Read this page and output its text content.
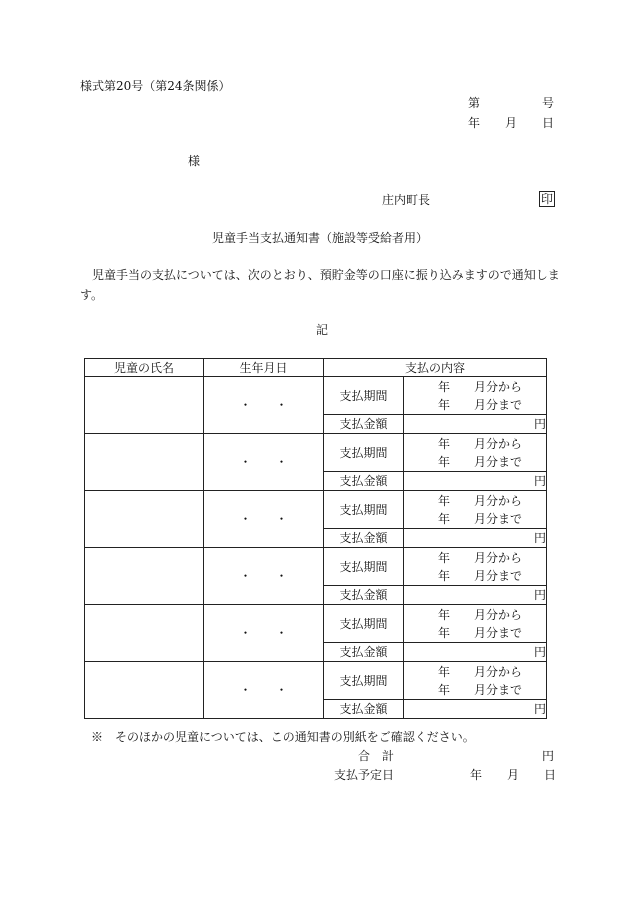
様式第20号（第24条関係）
第	号
年 月 日
様
庄内町長	印
児童手当支払通知書（施設等受給者用）
児童手当の支払については、次のとおり、預貯金等の口座に振り込みますので通知しま
す。
記
児童の氏名	生年月日	支払の内容	
	・　　・	支払期間	年 月分から
年 月分まで

		支払金額	円
	・　　・	支払期間	年 月分から
年 月分まで

		支払金額	円
	・　　・	支払期間	年 月分から
年 月分まで

		支払金額	円
	・　　・	支払期間	年 月分から
年 月分まで

		支払金額	円
	・　　・	支払期間	年 月分から
年 月分まで

		支払金額	円
	・　　・	支払期間	年 月分から
年 月分まで

		支払金額	円
※　そのほかの児童については、この通知書の別紙をご確認ください。
合　計	円
支払予定日	年 月 日
